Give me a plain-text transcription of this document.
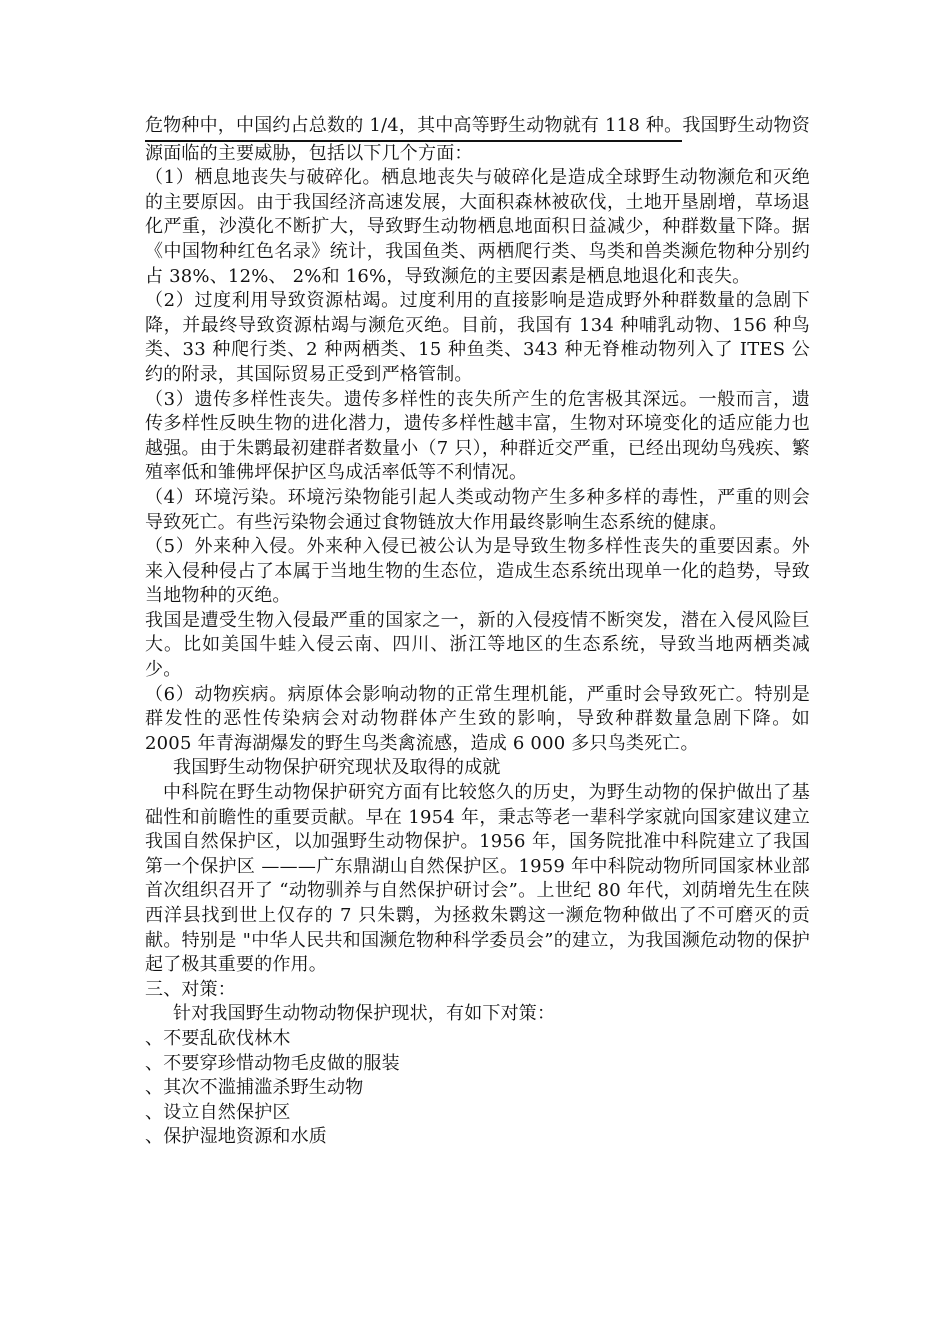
危物种中，中国约占总数的 1/4，其中高等野生动物就有 118 种。我国野生动物资源面临的主要威胁，包括以下几个方面：

（1）栖息地丧失与破碎化。栖息地丧失与破碎化是造成全球野生动物濒危和灭绝的主要原因。由于我国经济高速发展，大面积森林被砍伐，土地开垦剧增，草场退化严重，沙漠化不断扩大，导致野生动物栖息地面积日益减少，种群数量下降。据《中国物种红色名录》统计，我国鱼类、两栖爬行类、鸟类和兽类濒危物种分别约占 38%、12%、 2%和 16%，导致濒危的主要因素是栖息地退化和丧失。

（2）过度利用导致资源枯竭。过度利用的直接影响是造成野外种群数量的急剧下降，并最终导致资源枯竭与濒危灭绝。目前，我国有 134 种哺乳动物、156 种鸟类、33 种爬行类、2 种两栖类、15 种鱼类、343 种无脊椎动物列入了 ITES 公约的附录，其国际贸易正受到严格管制。

（3）遗传多样性丧失。遗传多样性的丧失所产生的危害极其深远。一般而言，遗传多样性反映生物的进化潜力，遗传多样性越丰富，生物对环境变化的适应能力也越强。由于朱鹮最初建群者数量小（7 只），种群近交严重，已经出现幼鸟残疾、繁殖率低和雏佛坪保护区鸟成活率低等不利情况。

（4）环境污染。环境污染物能引起人类或动物产生多种多样的毒性，严重的则会导致死亡。有些污染物会通过食物链放大作用最终影响生态系统的健康。

（5）外来种入侵。外来种入侵已被公认为是导致生物多样性丧失的重要因素。外来入侵种侵占了本属于当地生物的生态位，造成生态系统出现单一化的趋势，导致当地物种的灭绝。

我国是遭受生物入侵最严重的国家之一，新的入侵疫情不断突发，潜在入侵风险巨大。比如美国牛蛙入侵云南、四川、浙江等地区的生态系统，导致当地两栖类减少。

（6）动物疾病。病原体会影响动物的正常生理机能，严重时会导致死亡。特别是群发性的恶性传染病会对动物群体产生致的影响，导致种群数量急剧下降。如 2005 年青海湖爆发的野生鸟类禽流感，造成 6 000 多只鸟类死亡。

我国野生动物保护研究现状及取得的成就

中科院在野生动物保护研究方面有比较悠久的历史，为野生动物的保护做出了基础性和前瞻性的重要贡献。早在 1954 年，秉志等老一辈科学家就向国家建议建立我国自然保护区，以加强野生动物保护。1956 年，国务院批准中科院建立了我国第一个保护区 ———广东鼎湖山自然保护区。1959 年中科院动物所同国家林业部首次组织召开了 “动物驯养与自然保护研讨会”。上世纪 80 年代，刘荫增先生在陕西洋县找到世上仅存的 7 只朱鹮，为拯救朱鹮这一濒危物种做出了不可磨灭的贡献。特别是 "中华人民共和国濒危物种科学委员会”的建立，为我国濒危动物的保护起了极其重要的作用。

三、对策：

针对我国野生动物动物保护现状，有如下对策：

、不要乱砍伐林木

、不要穿珍惜动物毛皮做的服装

、其次不滥捕滥杀野生动物

、设立自然保护区

、保护湿地资源和水质
